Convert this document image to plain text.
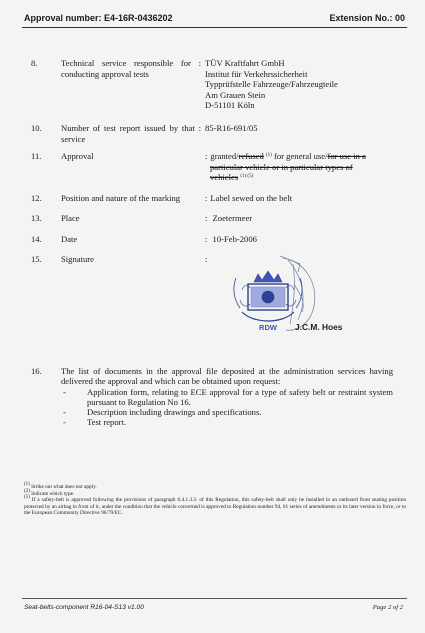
Approval number: E4-16R-0436202	Extension No.: 00
8.	Technical service responsible for :
conducting approval tests
TÜV Kraftfahrt GmbH
Institut für Verkehrssicherheit
Typprüfstelle Fahrzeuge/Fahrzeugteile
Am Grauen Stein
D-51101 Köln
10. Number of test report issued by that :
service
85-R16-691/05
11. Approval	: granted/refused $^{(1)}$ for general use/for use in a
particular vehicle or in particular types of
vehicles $^{(1) (5)}$
12. Position and nature of the marking	: Label sewed on the belt
13. Place	: Zoetermeer
14. Date	: 10-Feb-2006
15. Signature	:
RDW J.C.M. Hoes
16. The list of documents in the approval file deposited at the administration services having delivered the approval and which can be obtained upon request:
- Application form, relating to ECE approval for a type of safety belt or restraint system pursuant to Regulation No 16.
- Description including drawings and specifications.
- Test report.
$^{(1)}$ Strike out what does not apply.
$^{(2)}$ Indicate which type.
$^{(5)}$ If a safety-belt is approved following the provisions of paragraph 6.4.1.3.3. of this Regulation, this safety-belt shall only be installed in an outboard front seating position protected by an airbag in front of it, under the condition that the vehicle concerned is approved to Regulation number 94, 01 series of amendments or its later version in force, or to the European Community Directive 96/79/EC.
Seat-belts-component R16-04-S13 v1.00	Page 2 of 2
